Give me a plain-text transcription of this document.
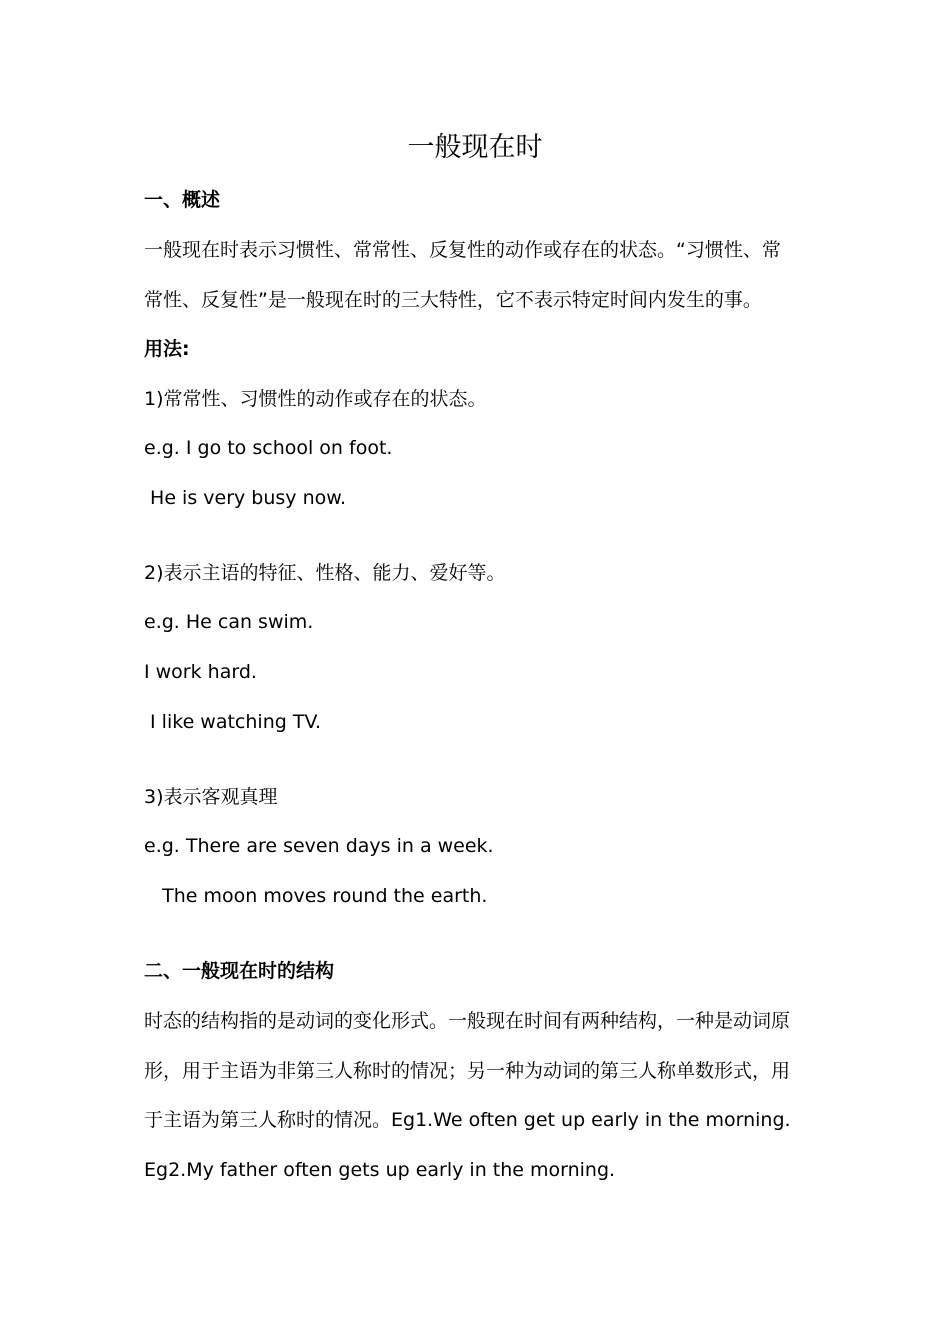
一般现在时

一、概述

一般现在时表示习惯性、常常性、反复性的动作或存在的状态。“习惯性、常

常性、反复性”是一般现在时的三大特性，它不表示特定时间内发生的事。

用法:

1)常常性、习惯性的动作或存在的状态。

e.g. I go to school on foot.

He is very busy now.

2)表示主语的特征、性格、能力、爱好等。

e.g. He can swim.

I work hard.

I like watching TV.

3)表示客观真理

e.g. There are seven days in a week.

The moon moves round the earth.

二、一般现在时的结构

时态的结构指的是动词的变化形式。一般现在时间有两种结构，一种是动词原

形，用于主语为非第三人称时的情况；另一种为动词的第三人称单数形式，用

于主语为第三人称时的情况。Eg1.We often get up early in the morning.

Eg2.My father often gets up early in the morning.
